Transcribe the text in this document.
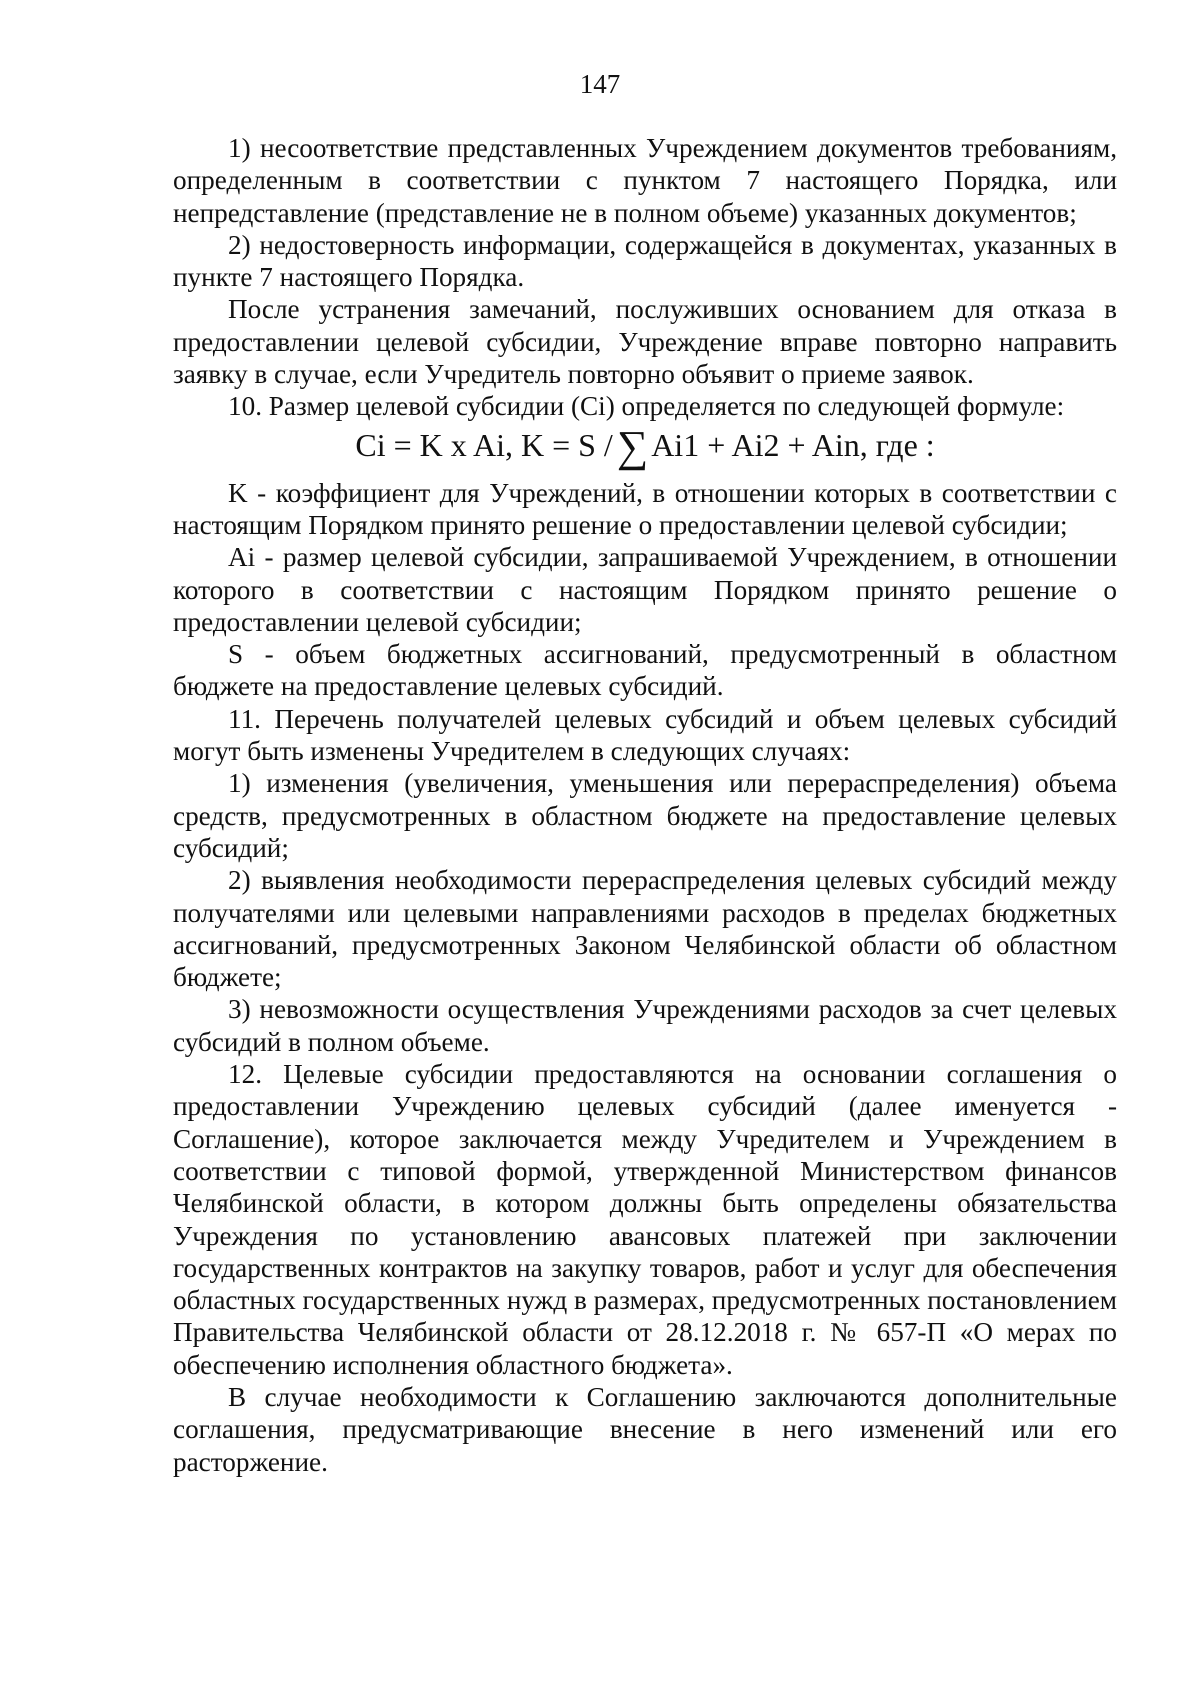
147

1) несоответствие представленных Учреждением документов требованиям, определенным в соответствии с пунктом 7 настоящего Порядка, или непредставление (представление не в полном объеме) указанных документов;

2) недостоверность информации, содержащейся в документах, указанных в пункте 7 настоящего Порядка.

После устранения замечаний, послуживших основанием для отказа в предоставлении целевой субсидии, Учреждение вправе повторно направить заявку в случае, если Учредитель повторно объявит о приеме заявок.

10. Размер целевой субсидии (Ci) определяется по следующей формуле:

Ci = K x Ai, K = S /∑Ai1 + Ai2 + Ain, где :

K - коэффициент для Учреждений, в отношении которых в соответствии с настоящим Порядком принято решение о предоставлении целевой субсидии;

Ai - размер целевой субсидии, запрашиваемой Учреждением, в отношении которого в соответствии с настоящим Порядком принято решение о предоставлении целевой субсидии;

S - объем бюджетных ассигнований, предусмотренный в областном бюджете на предоставление целевых субсидий.

11. Перечень получателей целевых субсидий и объем целевых субсидий могут быть изменены Учредителем в следующих случаях:

1) изменения (увеличения, уменьшения или перераспределения) объема средств, предусмотренных в областном бюджете на предоставление целевых субсидий;

2) выявления необходимости перераспределения целевых субсидий между получателями или целевыми направлениями расходов в пределах бюджетных ассигнований, предусмотренных Законом Челябинской области об областном бюджете;

3) невозможности осуществления Учреждениями расходов за счет целевых субсидий в полном объеме.

12. Целевые субсидии предоставляются на основании соглашения о предоставлении Учреждению целевых субсидий (далее именуется - Соглашение), которое заключается между Учредителем и Учреждением в соответствии с типовой формой, утвержденной Министерством финансов Челябинской области, в котором должны быть определены обязательства Учреждения по установлению авансовых платежей при заключении государственных контрактов на закупку товаров, работ и услуг для обеспечения областных государственных нужд в размерах, предусмотренных постановлением Правительства Челябинской области от 28.12.2018 г. № 657-П «О мерах по обеспечению исполнения областного бюджета».

В случае необходимости к Соглашению заключаются дополнительные соглашения, предусматривающие внесение в него изменений или его расторжение.
